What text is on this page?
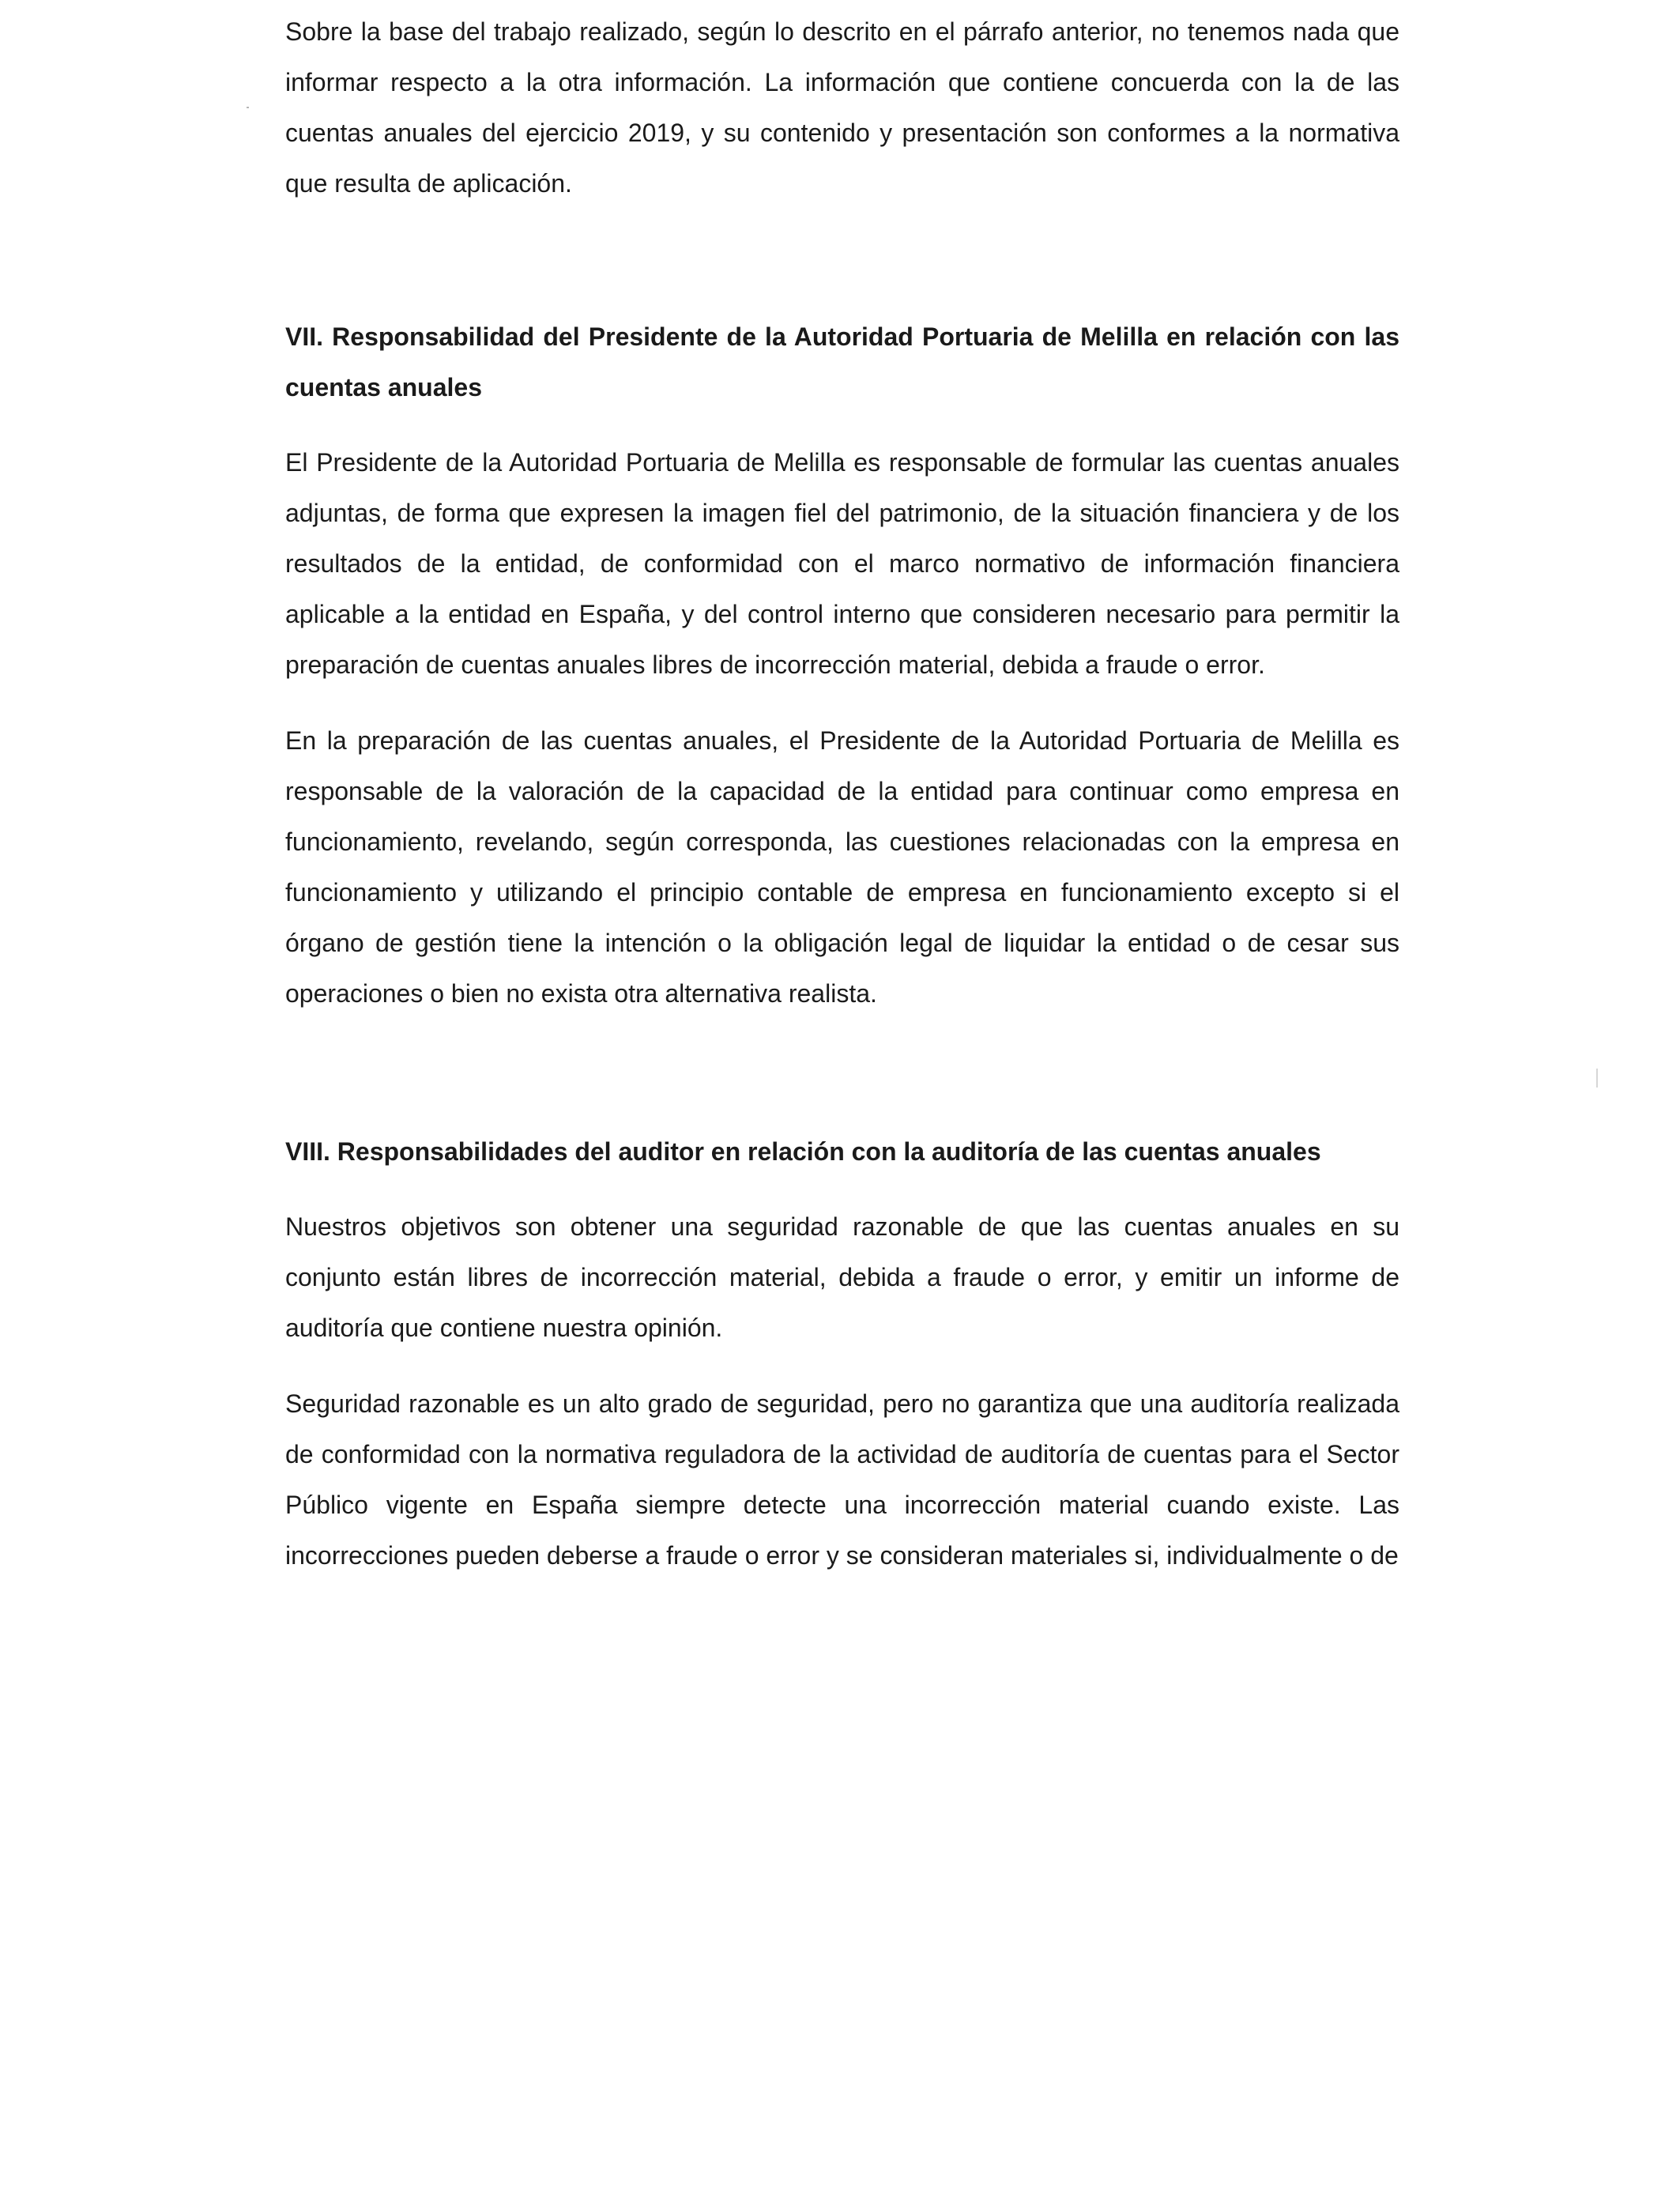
Sobre la base del trabajo realizado, según lo descrito en el párrafo anterior, no tenemos nada que informar respecto a la otra información. La información que contiene concuerda con la de las cuentas anuales del ejercicio 2019, y su contenido y presentación son conformes a la normativa que resulta de aplicación.

VII. Responsabilidad del Presidente de la Autoridad Portuaria de Melilla en relación con las cuentas anuales

El Presidente de la Autoridad Portuaria de Melilla es responsable de formular las cuentas anuales adjuntas, de forma que expresen la imagen fiel del patrimonio, de la situación financiera y de los resultados de la entidad, de conformidad con el marco normativo de información financiera aplicable a la entidad en España, y del control interno que consideren necesario para permitir la preparación de cuentas anuales libres de incorrección material, debida a fraude o error.

En la preparación de las cuentas anuales, el Presidente de la Autoridad Portuaria de Melilla es responsable de la valoración de la capacidad de la entidad para continuar como empresa en funcionamiento, revelando, según corresponda, las cuestiones relacionadas con la empresa en funcionamiento y utilizando el principio contable de empresa en funcionamiento excepto si el órgano de gestión tiene la intención o la obligación legal de liquidar la entidad o de cesar sus operaciones o bien no exista otra alternativa realista.

VIII. Responsabilidades del auditor en relación con la auditoría de las cuentas anuales

Nuestros objetivos son obtener una seguridad razonable de que las cuentas anuales en su conjunto están libres de incorrección material, debida a fraude o error, y emitir un informe de auditoría que contiene nuestra opinión.

Seguridad razonable es un alto grado de seguridad, pero no garantiza que una auditoría realizada de conformidad con la normativa reguladora de la actividad de auditoría de cuentas para el Sector Público vigente en España siempre detecte una incorrección material cuando existe. Las incorrecciones pueden deberse a fraude o error y se consideran materiales si, individualmente o de
